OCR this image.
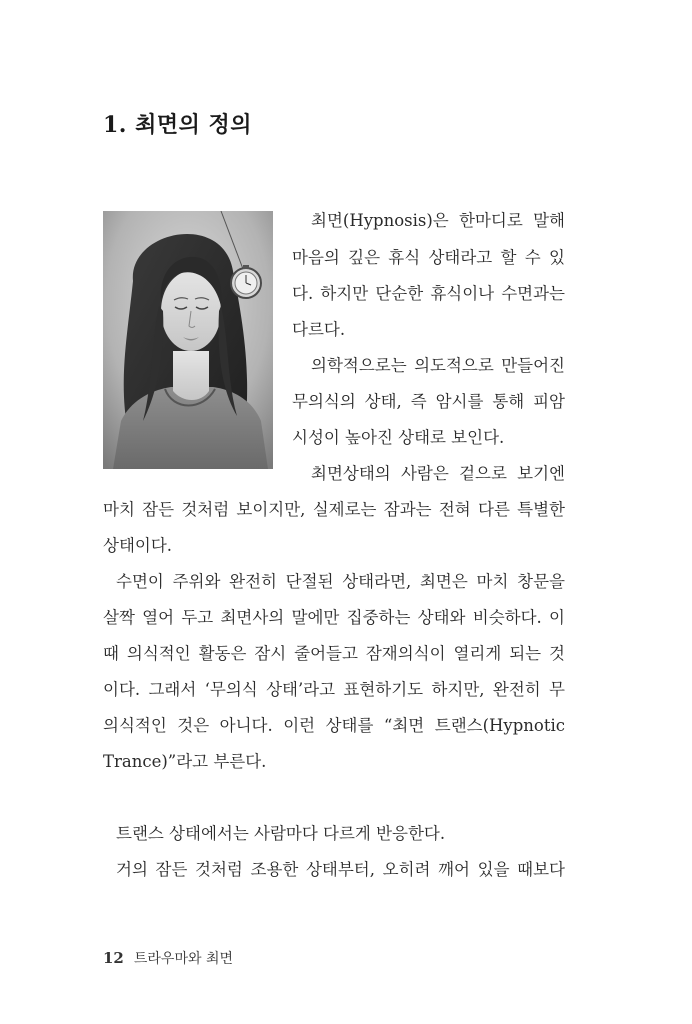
1. 최면의 정의
최면(Hypnosis)은 한마디로 말해
마음의 깊은 휴식 상태라고 할 수 있
다. 하지만 단순한 휴식이나 수면과는
다르다.
의학적으로는 의도적으로 만들어진
무의식의 상태, 즉 암시를 통해 피암
시성이 높아진 상태로 보인다.
최면상태의 사람은 겉으로 보기엔
마치 잠든 것처럼 보이지만, 실제로는 잠과는 전혀 다른 특별한
상태이다.
수면이 주위와 완전히 단절된 상태라면, 최면은 마치 창문을
살짝 열어 두고 최면사의 말에만 집중하는 상태와 비슷하다. 이
때 의식적인 활동은 잠시 줄어들고 잠재의식이 열리게 되는 것
이다. 그래서 ‘무의식 상태’라고 표현하기도 하지만, 완전히 무
의식적인 것은 아니다. 이런 상태를 “최면 트랜스(Hypnotic
Trance)”라고 부른다.
트랜스 상태에서는 사람마다 다르게 반응한다.
거의 잠든 것처럼 조용한 상태부터, 오히려 깨어 있을 때보다
12 트라우마와 최면
